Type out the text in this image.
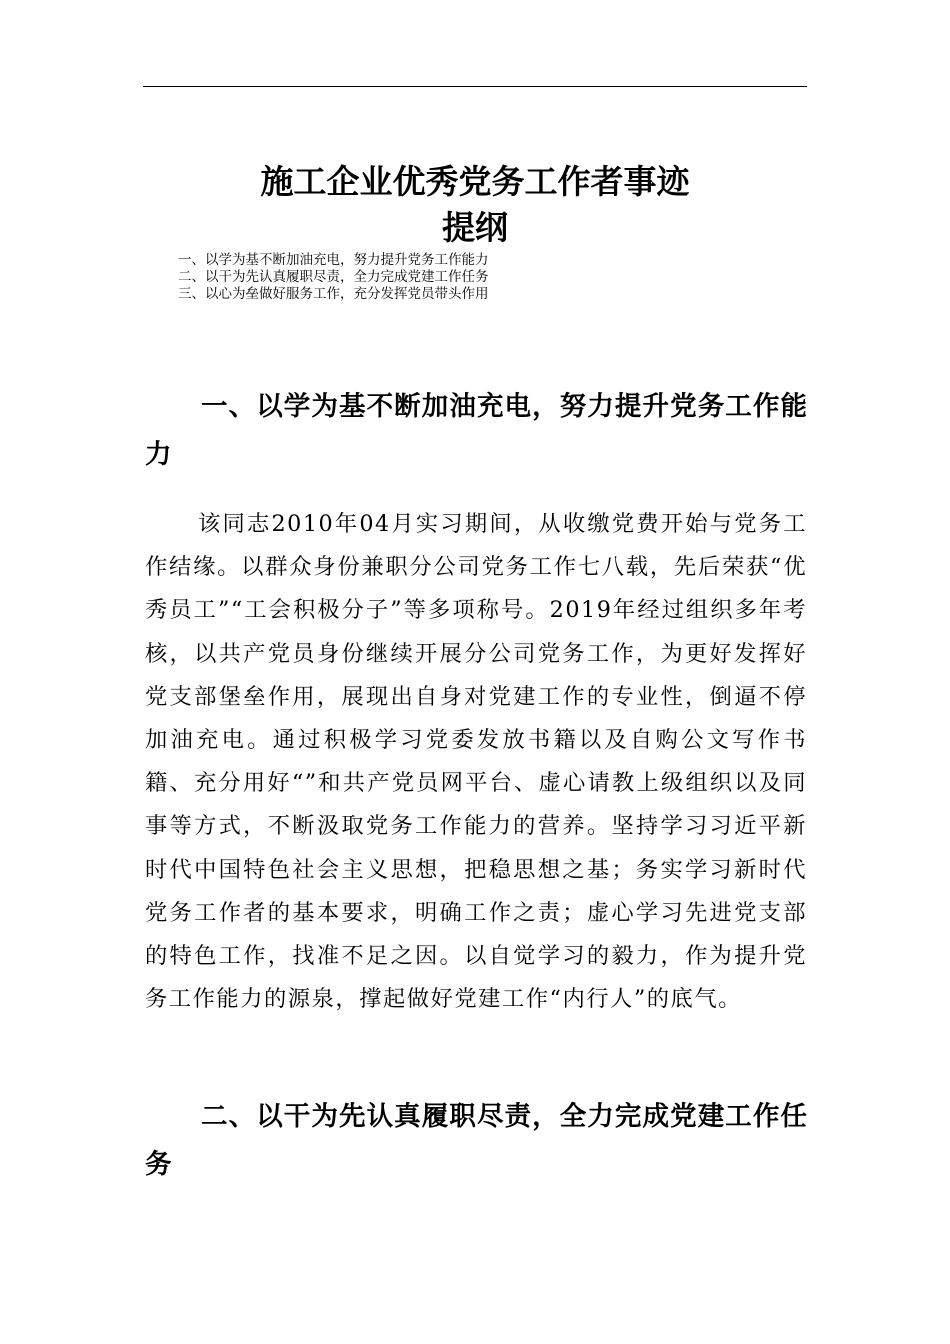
施工企业优秀党务工作者事迹
提纲
一、以学为基不断加油充电，努力提升党务工作能力
二、以干为先认真履职尽责，全力完成党建工作任务
三、以心为垒做好服务工作，充分发挥党员带头作用
一、以学为基不断加油充电，努力提升党务工作能力

该同志2010年04月实习期间，从收缴党费开始与党务工作结缘。以群众身份兼职分公司党务工作七八载，先后荣获“优秀员工”“工会积极分子”等多项称号。2019年经过组织多年考核，以共产党员身份继续开展分公司党务工作，为更好发挥好党支部堡垒作用，展现出自身对党建工作的专业性，倒逼不停加油充电。通过积极学习党委发放书籍以及自购公文写作书籍、充分用好“”和共产党员网平台、虚心请教上级组织以及同事等方式，不断汲取党务工作能力的营养。坚持学习习近平新时代中国特色社会主义思想，把稳思想之基；务实学习新时代党务工作者的基本要求，明确工作之责；虚心学习先进党支部的特色工作，找准不足之因。以自觉学习的毅力，作为提升党务工作能力的源泉，撑起做好党建工作“内行人”的底气。

二、以干为先认真履职尽责，全力完成党建工作任务
